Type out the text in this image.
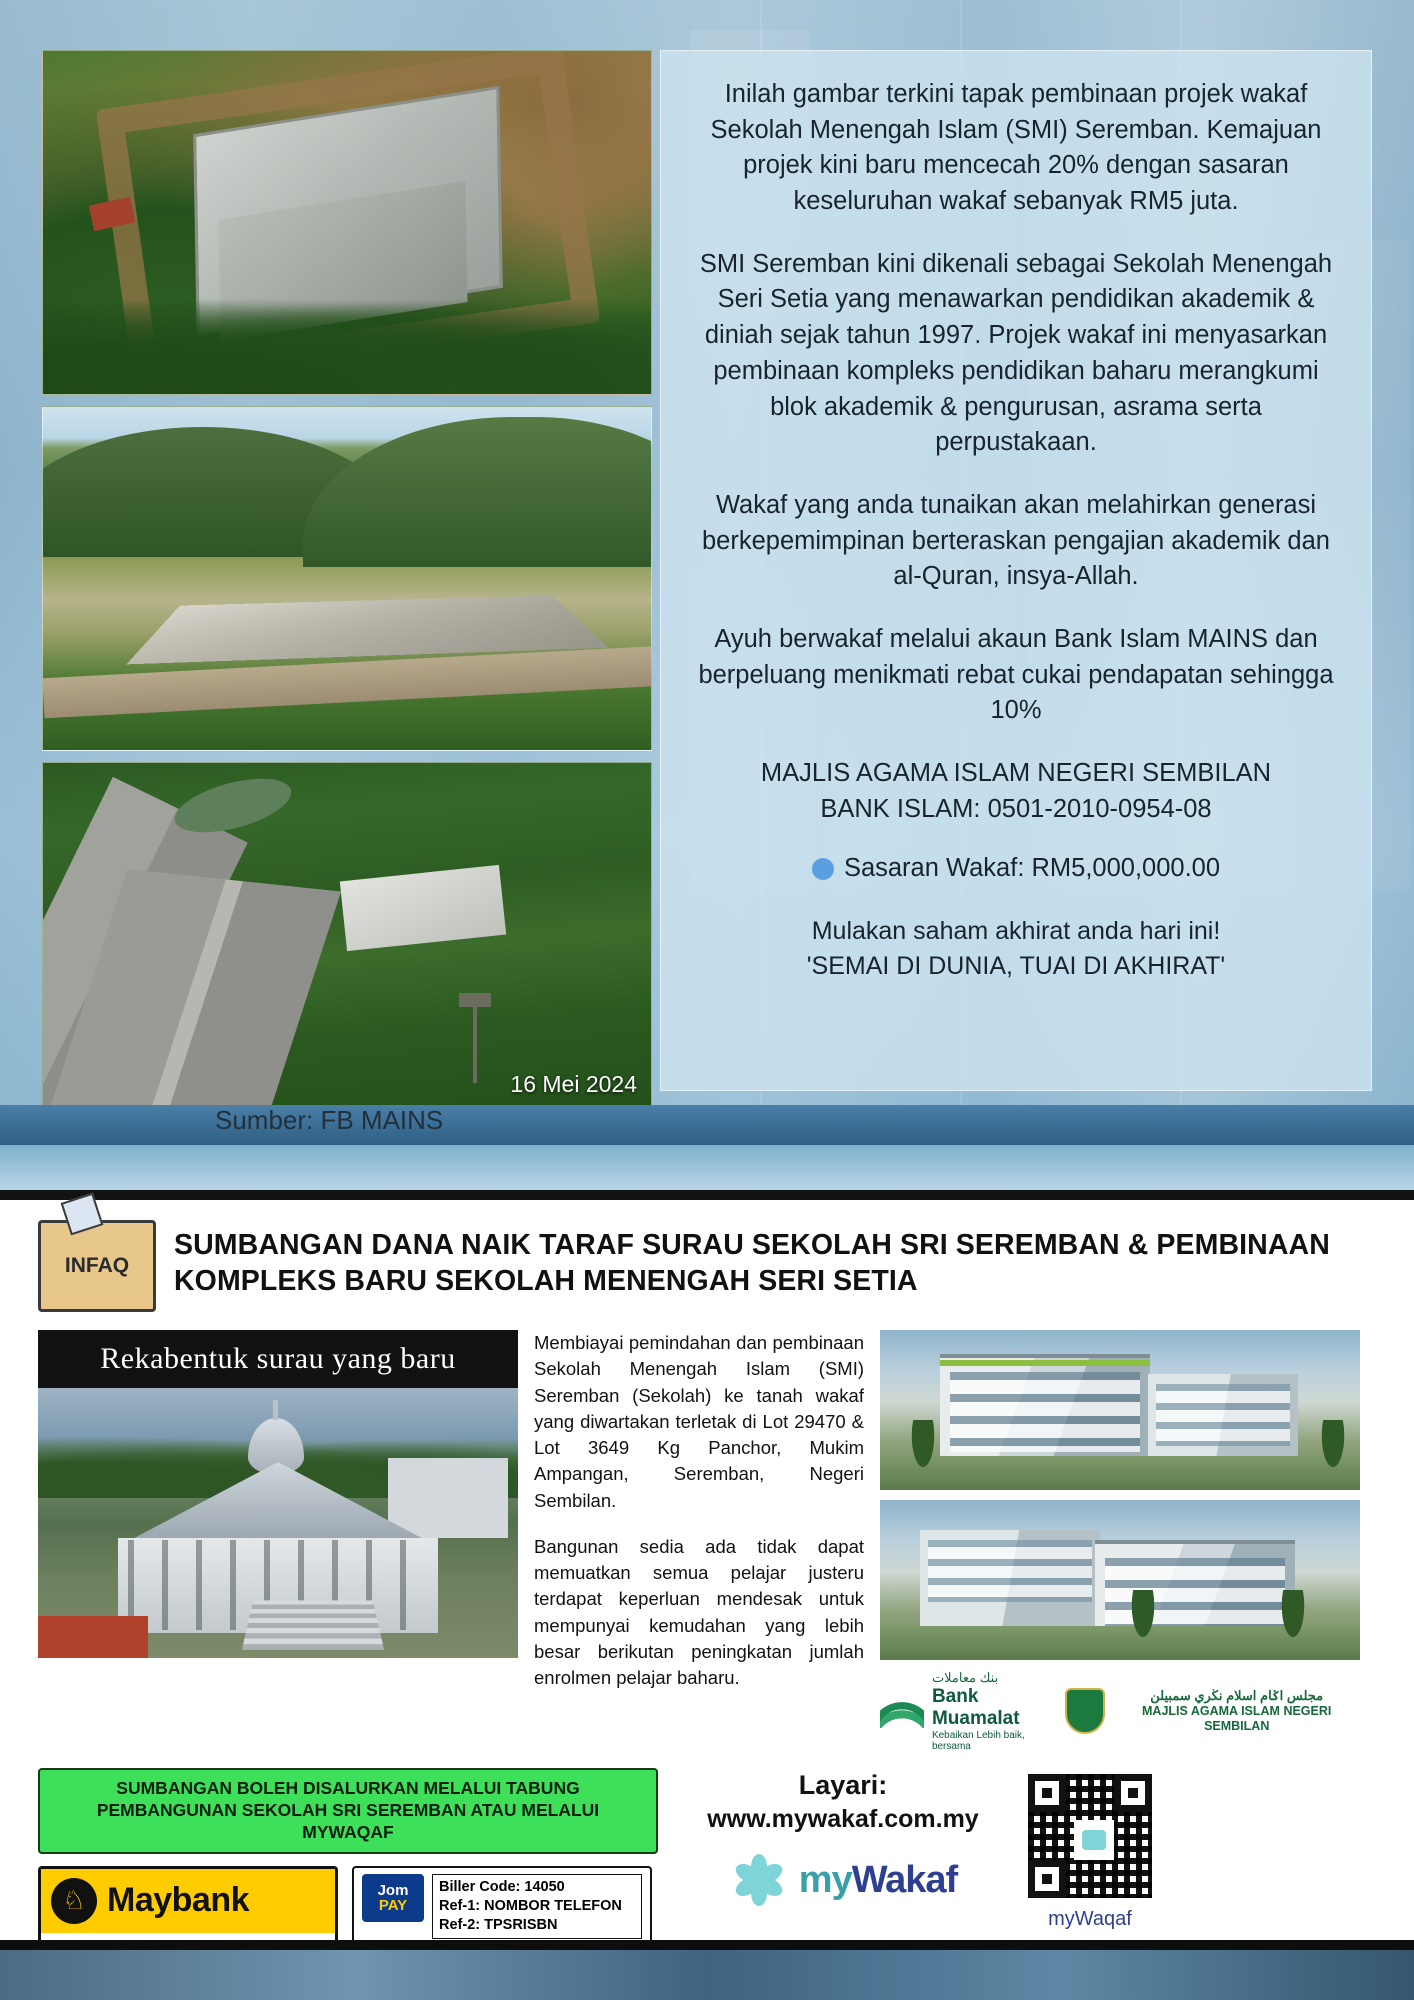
16 Mei 2024

Inilah gambar terkini tapak pembinaan projek wakaf Sekolah Menengah Islam (SMI) Seremban. Kemajuan projek kini baru mencecah 20% dengan sasaran keseluruhan wakaf sebanyak RM5 juta.

SMI Seremban kini dikenali sebagai Sekolah Menengah Seri Setia yang menawarkan pendidikan akademik & diniah sejak tahun 1997. Projek wakaf ini menyasarkan pembinaan kompleks pendidikan baharu merangkumi blok akademik & pengurusan, asrama serta perpustakaan.

Wakaf yang anda tunaikan akan melahirkan generasi berkepemimpinan berteraskan pengajian akademik dan al-Quran, insya-Allah.

Ayuh berwakaf melalui akaun Bank Islam MAINS dan berpeluang menikmati rebat cukai pendapatan sehingga 10%

MAJLIS AGAMA ISLAM NEGERI SEMBILAN
BANK ISLAM: 0501-2010-0954-08

Sasaran Wakaf: RM5,000,000.00

Mulakan saham akhirat anda hari ini!
'SEMAI DI DUNIA, TUAI DI AKHIRAT'

Sumber: FB MAINS
INFAQ
SUMBANGAN DANA NAIK TARAF SURAU SEKOLAH SRI SEREMBAN & PEMBINAAN KOMPLEKS BARU SEKOLAH MENENGAH SERI SETIA
Rekabentuk surau yang baru	Membiayai pemindahan dan pembinaan Sekolah Menengah Islam (SMI) Seremban (Sekolah) ke tanah wakaf yang diwartakan terletak di Lot 29470 & Lot 3649 Kg Panchor, Mukim Ampangan, Seremban, Negeri Sembilan.

Bangunan sedia ada tidak dapat memuatkan semua pelajar justeru terdapat keperluan mendesak untuk mempunyai kemudahan yang lebih besar berikutan peningkatan jumlah enrolmen pelajar baharu.	بنك معاملات
Bank Muamalat
Kebaikan Lebih baik, bersama
مجلس اݢام اسلام نڬري سمبيلن
MAJLIS AGAMA ISLAM NEGERI SEMBILAN
SUMBANGAN BOLEH DISALURKAN MELALUI TABUNG PEMBANGUNAN SEKOLAH SRI SEREMBAN ATAU MELALUI MYWAQAF
♘ Maybank	Jom
PAY
Biller Code: 14050
Ref-1: NOMBOR TELEFON
Ref-2: TPSRISBN
Layari:
www.mywakaf.com.my
myWakaf
myWaqaf
